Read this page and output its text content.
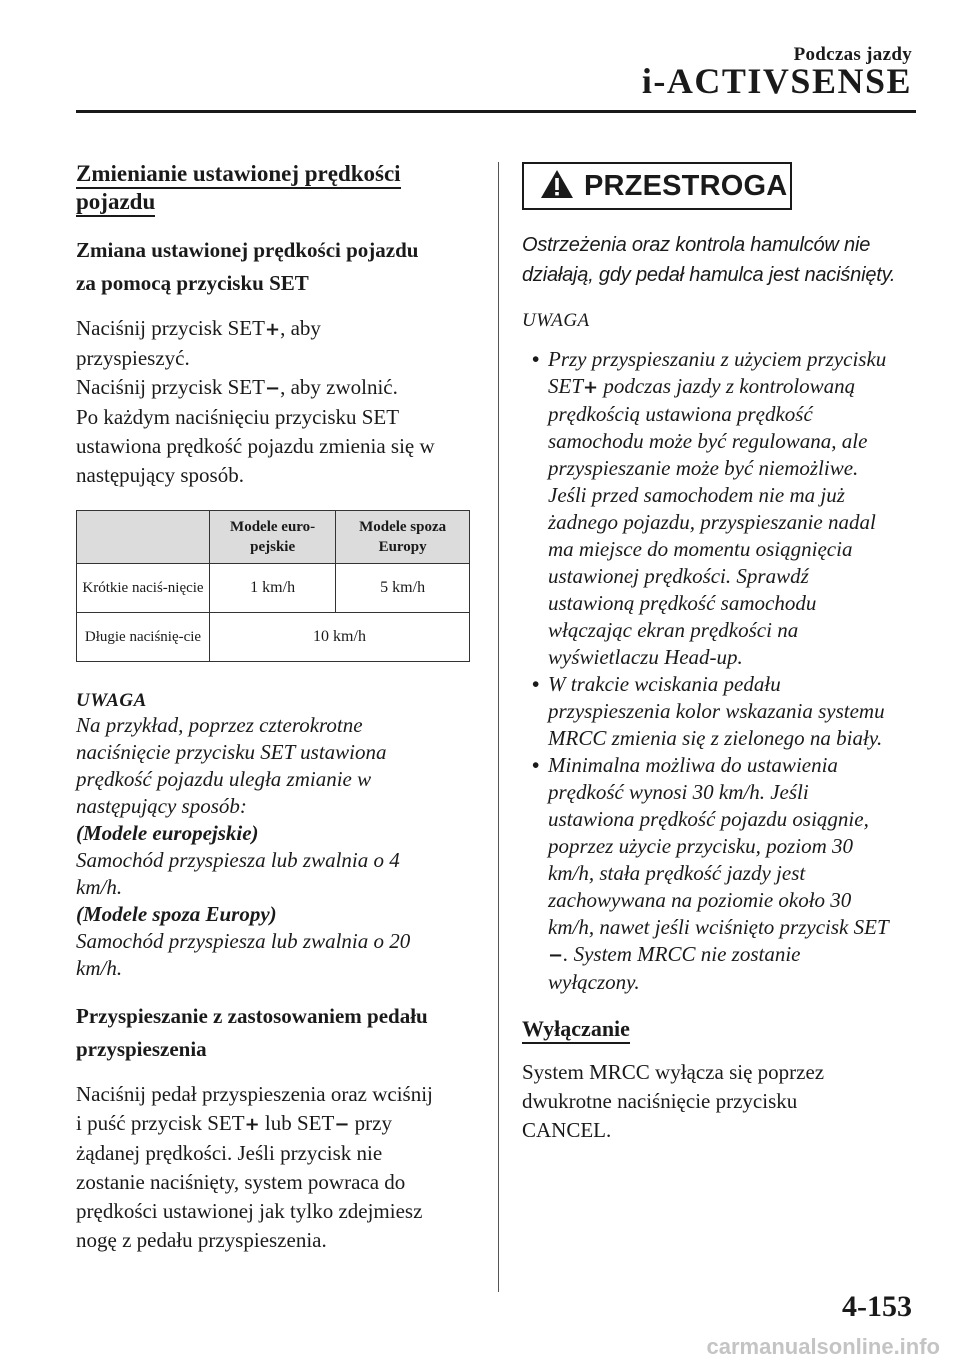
Podczas jazdy
i-ACTIVSENSE
Zmienianie ustawionej prędkości
pojazdu
Zmiana ustawionej prędkości pojazdu
za pomocą przycisku SET
Naciśnij przycisk SET+, aby
przyspieszyć.
Naciśnij przycisk SET−, aby zwolnić.
Po każdym naciśnięciu przycisku SET
ustawiona prędkość pojazdu zmienia się w
następujący sposób.
	Modele euro-pejskie	Modele spoza Europy
Krótkie naciś-nięcie	1 km/h	5 km/h
Długie naciśnię-cie	10 km/h	
UWAGA
Na przykład, poprzez czterokrotne
naciśnięcie przycisku SET ustawiona
prędkość pojazdu uległa zmianie w
następujący sposób:
(Modele europejskie)
Samochód przyspiesza lub zwalnia o 4
km/h.
(Modele spoza Europy)
Samochód przyspiesza lub zwalnia o 20
km/h.
Przyspieszanie z zastosowaniem pedału
przyspieszenia
Naciśnij pedał przyspieszenia oraz wciśnij
i puść przycisk SET+ lub SET− przy
żądanej prędkości. Jeśli przycisk nie
zostanie naciśnięty, system powraca do
prędkości ustawionej jak tylko zdejmiesz
nogę z pedału przyspieszenia.
PRZESTROGA
Ostrzeżenia oraz kontrola hamulców nie
działają, gdy pedał hamulca jest naciśnięty.
UWAGA
• Przy przyspieszaniu z użyciem przycisku
SET+ podczas jazdy z kontrolowaną
prędkością ustawiona prędkość
samochodu może być regulowana, ale
przyspieszanie może być niemożliwe.
Jeśli przed samochodem nie ma już
żadnego pojazdu, przyspieszanie nadal
ma miejsce do momentu osiągnięcia
ustawionej prędkości. Sprawdź
ustawioną prędkość samochodu
włączając ekran prędkości na
wyświetlaczu Head-up.
• W trakcie wciskania pedału
przyspieszenia kolor wskazania systemu
MRCC zmienia się z zielonego na biały.
• Minimalna możliwa do ustawienia
prędkość wynosi 30 km/h. Jeśli
ustawiona prędkość pojazdu osiągnie,
poprzez użycie przycisku, poziom 30
km/h, stała prędkość jazdy jest
zachowywana na poziomie około 30
km/h, nawet jeśli wciśnięto przycisk SET
−. System MRCC nie zostanie
wyłączony.
Wyłączanie
System MRCC wyłącza się poprzez
dwukrotne naciśnięcie przycisku
CANCEL.
4-153
carmanualsonline.info
